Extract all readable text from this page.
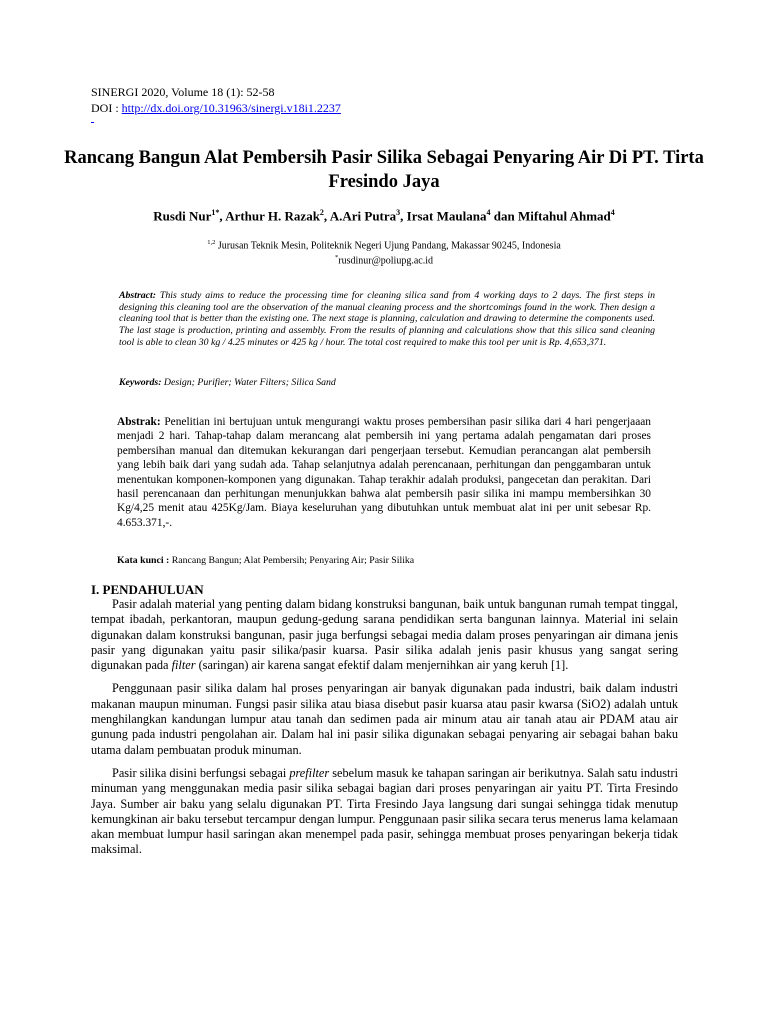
SINERGI 2020, Volume 18 (1): 52-58
DOI : http://dx.doi.org/10.31963/sinergi.v18i1.2237
Rancang Bangun Alat Pembersih Pasir Silika Sebagai Penyaring Air Di PT. Tirta Fresindo Jaya
Rusdi Nur$^{1*}$, Arthur H. Razak$^2$, A.Ari Putra$^3$, Irsat Maulana$^4$ dan Miftahul Ahmad$^4$
$^{1,2}$ Jurusan Teknik Mesin, Politeknik Negeri Ujung Pandang, Makassar 90245, Indonesia
*rusdinur@poliupg.ac.id
Abstract: This study aims to reduce the processing time for cleaning silica sand from 4 working days to 2 days. The first steps in designing this cleaning tool are the observation of the manual cleaning process and the shortcomings found in the work. Then design a cleaning tool that is better than the existing one. The next stage is planning, calculation and drawing to determine the components used. The last stage is production, printing and assembly. From the results of planning and calculations show that this silica sand cleaning tool is able to clean 30 kg / 4.25 minutes or 425 kg / hour. The total cost required to make this tool per unit is Rp. 4,653,371.
Keywords: Design; Purifier; Water Filters; Silica Sand
Abstrak: Penelitian ini bertujuan untuk mengurangi waktu proses pembersihan pasir silika dari 4 hari pengerjaaan menjadi 2 hari. Tahap-tahap dalam merancang alat pembersih ini yang pertama adalah pengamatan dari proses pembersihan manual dan ditemukan kekurangan dari pengerjaan tersebut. Kemudian perancangan alat pembersih yang lebih baik dari yang sudah ada. Tahap selanjutnya adalah perencanaan, perhitungan dan penggambaran untuk menentukan komponen-komponen yang digunakan. Tahap terakhir adalah produksi, pangecetan dan perakitan. Dari hasil perencanaan dan perhitungan menunjukkan bahwa alat pembersih pasir silika ini mampu membersihkan 30 Kg/4,25 menit atau 425Kg/Jam. Biaya keseluruhan yang dibutuhkan untuk membuat alat ini per unit sebesar Rp. 4.653.371,-.
Kata kunci : Rancang Bangun; Alat Pembersih; Penyaring Air; Pasir Silika
I. PENDAHULUAN

Pasir adalah material yang penting dalam bidang konstruksi bangunan, baik untuk bangunan rumah tempat tinggal, tempat ibadah, perkantoran, maupun gedung-gedung sarana pendidikan serta bangunan lainnya. Material ini selain digunakan dalam konstruksi bangunan, pasir juga berfungsi sebagai media dalam proses penyaringan air dimana jenis pasir yang digunakan yaitu pasir silika/pasir kuarsa. Pasir silika adalah jenis pasir khusus yang sangat sering digunakan pada filter (saringan) air karena sangat efektif dalam menjernihkan air yang keruh [1].

Penggunaan pasir silika dalam hal proses penyaringan air banyak digunakan pada industri, baik dalam industri makanan maupun minuman. Fungsi pasir silika atau biasa disebut pasir kuarsa atau pasir kwarsa (SiO2) adalah untuk menghilangkan kandungan lumpur atau tanah dan sedimen pada air minum atau air tanah atau air PDAM atau air gunung pada industri pengolahan air. Dalam hal ini pasir silika digunakan sebagai penyaring air sebagai bahan baku utama dalam pembuatan produk minuman.

Pasir silika disini berfungsi sebagai prefilter sebelum masuk ke tahapan saringan air berikutnya. Salah satu industri minuman yang menggunakan media pasir silika sebagai bagian dari proses penyaringan air yaitu PT. Tirta Fresindo Jaya. Sumber air baku yang selalu digunakan PT. Tirta Fresindo Jaya langsung dari sungai sehingga tidak menutup kemungkinan air baku tersebut tercampur dengan lumpur. Penggunaan pasir silika secara terus menerus lama kelamaan akan membuat lumpur hasil saringan akan menempel pada pasir, sehingga membuat proses penyaringan bekerja tidak maksimal.
